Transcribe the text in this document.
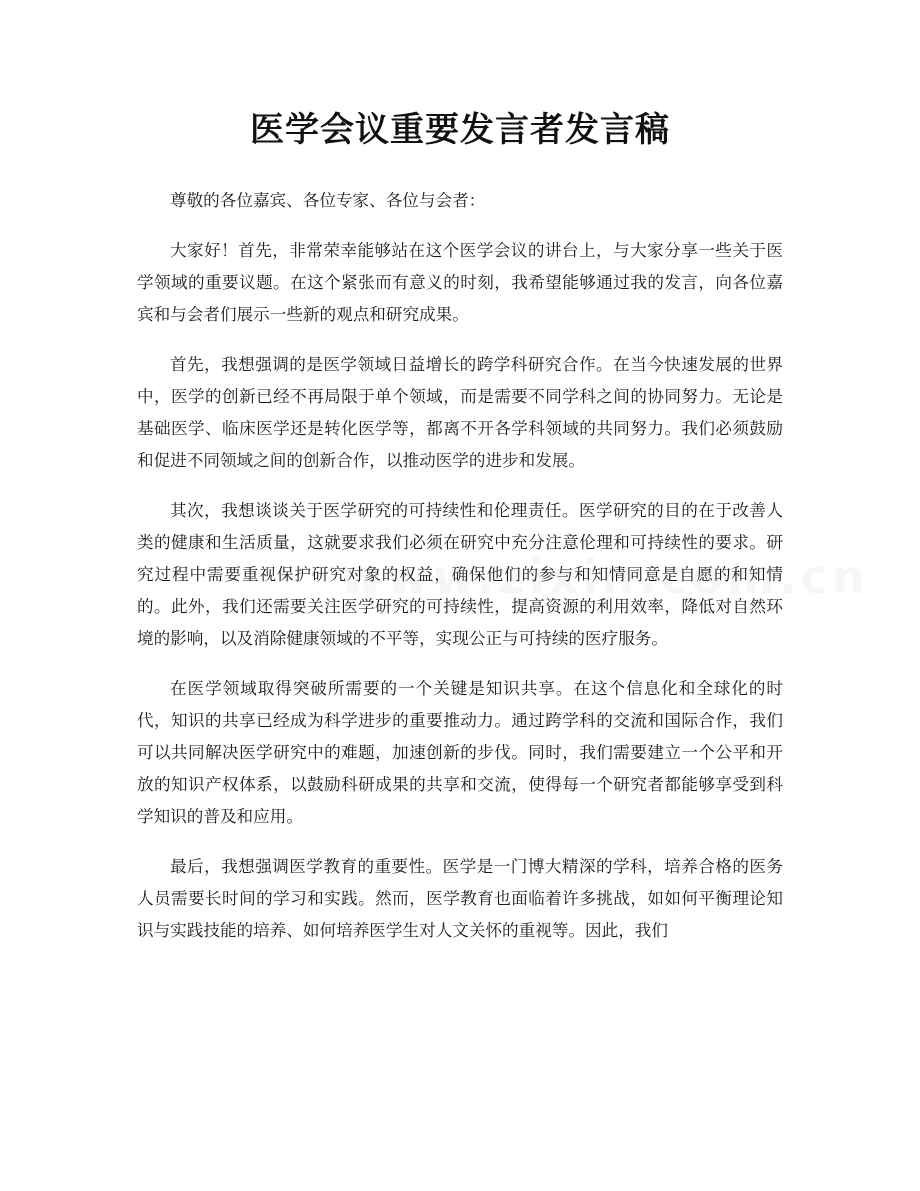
医学会议重要发言者发言稿

尊敬的各位嘉宾、各位专家、各位与会者：

大家好！首先，非常荣幸能够站在这个医学会议的讲台上，与大家分享一些关于医学领域的重要议题。在这个紧张而有意义的时刻，我希望能够通过我的发言，向各位嘉宾和与会者们展示一些新的观点和研究成果。

首先，我想强调的是医学领域日益增长的跨学科研究合作。在当今快速发展的世界中，医学的创新已经不再局限于单个领域，而是需要不同学科之间的协同努力。无论是基础医学、临床医学还是转化医学等，都离不开各学科领域的共同努力。我们必须鼓励和促进不同领域之间的创新合作，以推动医学的进步和发展。

其次，我想谈谈关于医学研究的可持续性和伦理责任。医学研究的目的在于改善人类的健康和生活质量，这就要求我们必须在研究中充分注意伦理和可持续性的要求。研究过程中需要重视保护研究对象的权益，确保他们的参与和知情同意是自愿的和知情的。此外，我们还需要关注医学研究的可持续性，提高资源的利用效率，降低对自然环境的影响，以及消除健康领域的不平等，实现公正与可持续的医疗服务。

在医学领域取得突破所需要的一个关键是知识共享。在这个信息化和全球化的时代，知识的共享已经成为科学进步的重要推动力。通过跨学科的交流和国际合作，我们可以共同解决医学研究中的难题，加速创新的步伐。同时，我们需要建立一个公平和开放的知识产权体系，以鼓励科研成果的共享和交流，使得每一个研究者都能够享受到科学知识的普及和应用。

最后，我想强调医学教育的重要性。医学是一门博大精深的学科，培养合格的医务人员需要长时间的学习和实践。然而，医学教育也面临着许多挑战，如如何平衡理论知识与实践技能的培养、如何培养医学生对人文关怀的重视等。因此，我们
